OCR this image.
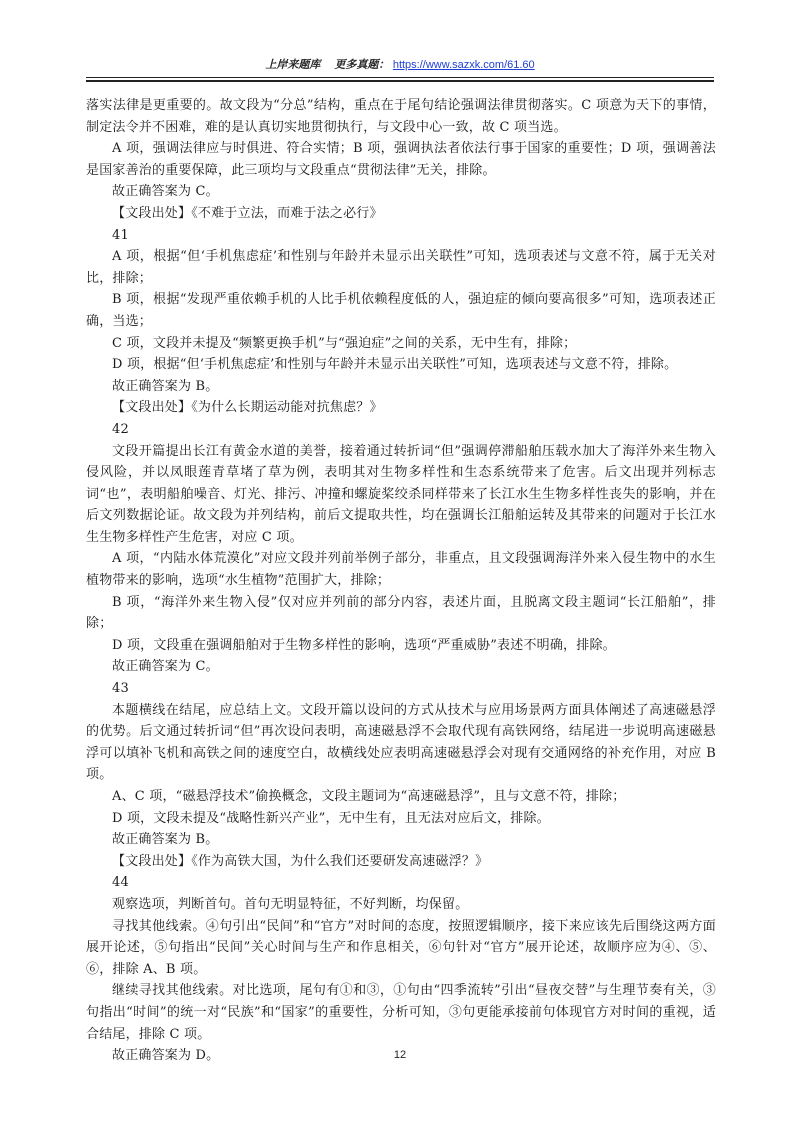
上岸来题库 更多真题： https://www.sazxk.com/61.60

落实法律是更重要的。故文段为“分总”结构，重点在于尾句结论强调法律贯彻落实。C 项意为天下的事情，制定法令并不困难，难的是认真切实地贯彻执行，与文段中心一致，故 C 项当选。

A 项，强调法律应与时俱进、符合实情；B 项，强调执法者依法行事于国家的重要性；D 项，强调善法是国家善治的重要保障，此三项均与文段重点“贯彻法律”无关，排除。

故正确答案为 C。

【文段出处】《不难于立法，而难于法之必行》

41

A 项，根据“但‘手机焦虑症’和性别与年龄并未显示出关联性”可知，选项表述与文意不符，属于无关对比，排除；

B 项，根据“发现严重依赖手机的人比手机依赖程度低的人，强迫症的倾向要高很多”可知，选项表述正确，当选；

C 项，文段并未提及“频繁更换手机”与“强迫症”之间的关系，无中生有，排除；

D 项，根据“但‘手机焦虑症’和性别与年龄并未显示出关联性”可知，选项表述与文意不符，排除。

故正确答案为 B。

【文段出处】《为什么长期运动能对抗焦虑？》

42

文段开篇提出长江有黄金水道的美誉，接着通过转折词“但”强调停滞船舶压载水加大了海洋外来生物入侵风险，并以凤眼莲青草堵了草为例，表明其对生物多样性和生态系统带来了危害。后文出现并列标志词“也”，表明船舶噪音、灯光、排污、冲撞和螺旋桨绞杀同样带来了长江水生生物多样性丧失的影响，并在后文列数据论证。故文段为并列结构，前后文提取共性，均在强调长江船舶运转及其带来的问题对于长江水生生物多样性产生危害，对应 C 项。

A 项，“内陆水体荒漠化”对应文段并列前举例子部分，非重点，且文段强调海洋外来入侵生物中的水生植物带来的影响，选项“水生植物”范围扩大，排除；

B 项，“海洋外来生物入侵”仅对应并列前的部分内容，表述片面，且脱离文段主题词“长江船舶”，排除；

D 项，文段重在强调船舶对于生物多样性的影响，选项“严重威胁”表述不明确，排除。

故正确答案为 C。

43

本题横线在结尾，应总结上文。文段开篇以设问的方式从技术与应用场景两方面具体阐述了高速磁悬浮的优势。后文通过转折词“但”再次设问表明，高速磁悬浮不会取代现有高铁网络，结尾进一步说明高速磁悬浮可以填补飞机和高铁之间的速度空白，故横线处应表明高速磁悬浮会对现有交通网络的补充作用，对应 B 项。

A、C 项，“磁悬浮技术”偷换概念，文段主题词为“高速磁悬浮”，且与文意不符，排除；

D 项，文段未提及“战略性新兴产业”，无中生有，且无法对应后文，排除。

故正确答案为 B。

【文段出处】《作为高铁大国，为什么我们还要研发高速磁浮？》

44

观察选项，判断首句。首句无明显特征，不好判断，均保留。

寻找其他线索。④句引出“民间”和“官方”对时间的态度，按照逻辑顺序，接下来应该先后围绕这两方面展开论述，⑤句指出“民间”关心时间与生产和作息相关，⑥句针对“官方”展开论述，故顺序应为④、⑤、⑥，排除 A、B 项。

继续寻找其他线索。对比选项，尾句有①和③，①句由“四季流转”引出“昼夜交替”与生理节奏有关，③句指出“时间”的统一对“民族”和“国家”的重要性，分析可知，③句更能承接前句体现官方对时间的重视，适合结尾，排除 C 项。

故正确答案为 D。	12
